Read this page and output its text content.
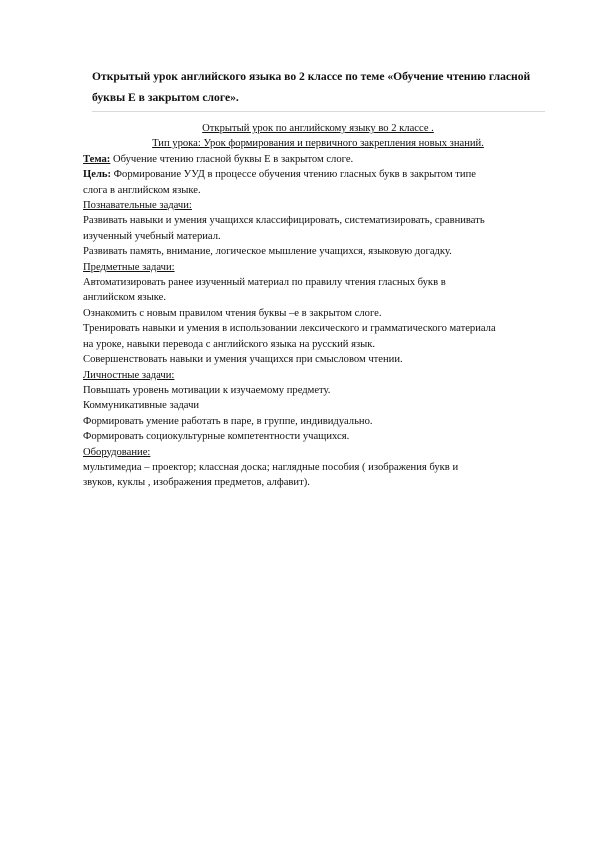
Открытый урок английского языка во 2 классе по теме «Обучение чтению гласной
буквы Е в закрытом слоге».
Открытый урок по английскому языку во 2 классе .
Тип урока: Урок формирования и первичного закрепления новых знаний.
Тема: Обучение чтению гласной буквы Е в закрытом слоге.
Цель: Формирование УУД в процессе обучения чтению гласных букв в закрытом типе
слога в английском языке.
Познавательные задачи:
Развивать навыки и умения учащихся классифицировать, систематизировать, сравнивать
изученный учебный материал.
Развивать память, внимание, логическое мышление учащихся, языковую догадку.
Предметные задачи:
Автоматизировать ранее изученный материал по правилу чтения гласных букв в
английском языке.
Ознакомить с новым правилом чтения буквы –е в закрытом слоге.
Тренировать навыки и умения в использовании лексического и грамматического материала
на уроке, навыки перевода с английского языка на русский язык.
Совершенствовать навыки и умения учащихся при смысловом чтении.
Личностные задачи:
Повышать уровень мотивации к изучаемому предмету.
Коммуникативные задачи
Формировать умение работать в паре, в группе, индивидуально.
Формировать социокультурные компетентности учащихся.
Оборудование:
мультимедиа – проектор; классная доска; наглядные пособия ( изображения букв и
звуков, куклы , изображения предметов, алфавит).
